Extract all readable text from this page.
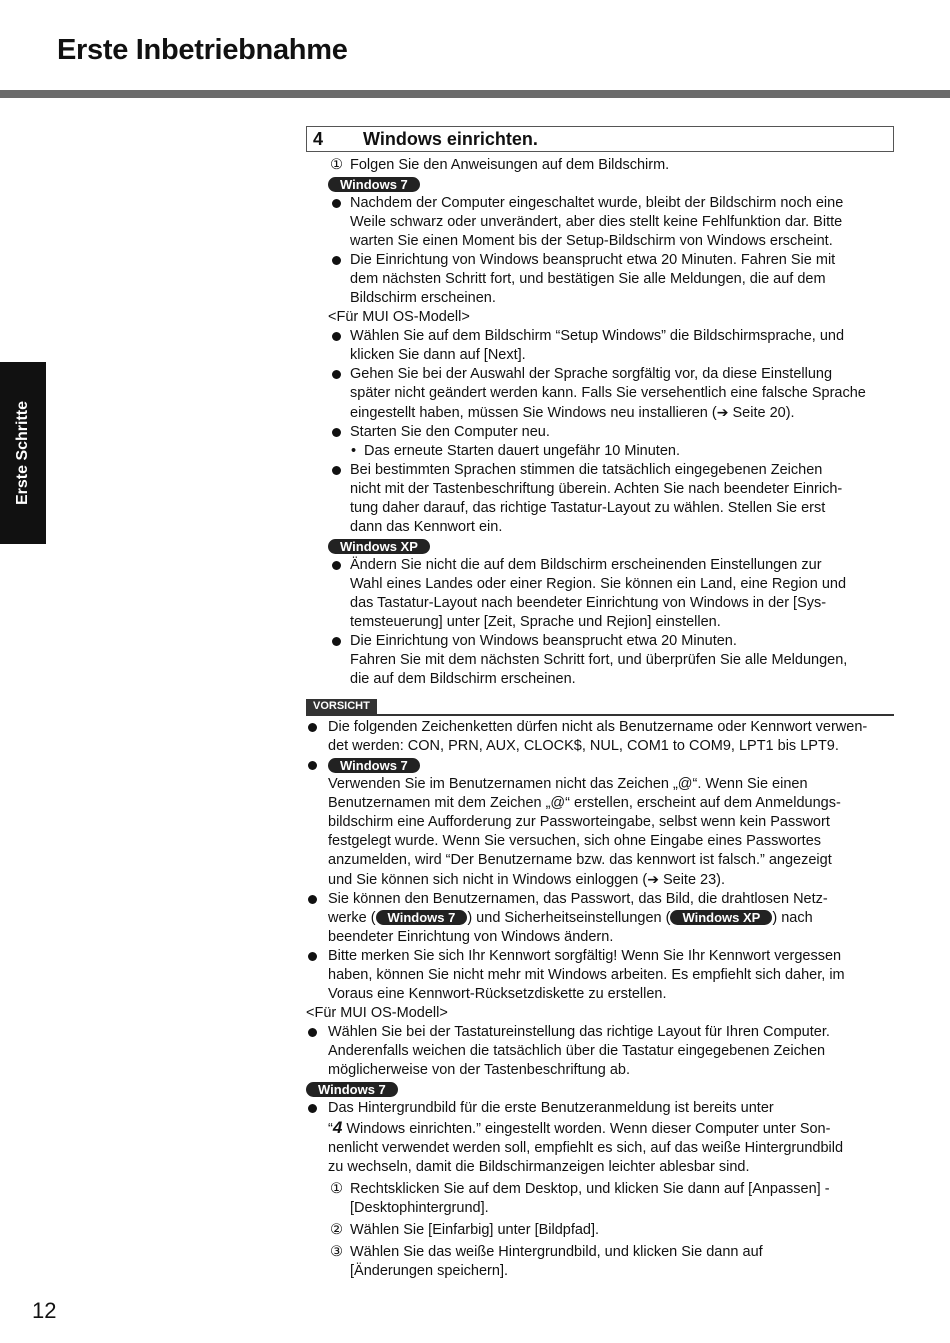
Erste Inbetriebnahme
Erste Schritte
12
4	Windows einrichten.
① Folgen Sie den Anweisungen auf dem Bildschirm.
Windows 7
Nachdem der Computer eingeschaltet wurde, bleibt der Bildschirm noch eine
Weile schwarz oder unverändert, aber dies stellt keine Fehlfunktion dar. Bitte
warten Sie einen Moment bis der Setup-Bildschirm von Windows erscheint.
Die Einrichtung von Windows beansprucht etwa 20 Minuten. Fahren Sie mit
dem nächsten Schritt fort, und bestätigen Sie alle Meldungen, die auf dem
Bildschirm erscheinen.
<Für MUI OS-Modell>
Wählen Sie auf dem Bildschirm “Setup Windows” die Bildschirmsprache, und
klicken Sie dann auf [Next].
Gehen Sie bei der Auswahl der Sprache sorgfältig vor, da diese Einstellung
später nicht geändert werden kann. Falls Sie versehentlich eine falsche Sprache
eingestellt haben, müssen Sie Windows neu installieren (➔ Seite 20).
Starten Sie den Computer neu.
• Das erneute Starten dauert ungefähr 10 Minuten.
Bei bestimmten Sprachen stimmen die tatsächlich eingegebenen Zeichen
nicht mit der Tastenbeschriftung überein. Achten Sie nach beendeter Einrich-
tung daher darauf, das richtige Tastatur-Layout zu wählen. Stellen Sie erst
dann das Kennwort ein.
Windows XP
Ändern Sie nicht die auf dem Bildschirm erscheinenden Einstellungen zur
Wahl eines Landes oder einer Region. Sie können ein Land, eine Region und
das Tastatur-Layout nach beendeter Einrichtung von Windows in der [Sys-
temsteuerung] unter [Zeit, Sprache und Rejion] einstellen.
Die Einrichtung von Windows beansprucht etwa 20 Minuten.
Fahren Sie mit dem nächsten Schritt fort, und überprüfen Sie alle Meldungen,
die auf dem Bildschirm erscheinen.
VORSICHT
Die folgenden Zeichenketten dürfen nicht als Benutzername oder Kennwort verwen-
det werden: CON, PRN, AUX, CLOCK$, NUL, COM1 to COM9, LPT1 bis LPT9.
Windows 7
Verwenden Sie im Benutzernamen nicht das Zeichen „@“. Wenn Sie einen
Benutzernamen mit dem Zeichen „@“ erstellen, erscheint auf dem Anmeldungs-
bildschirm eine Aufforderung zur Passworteingabe, selbst wenn kein Passwort
festgelegt wurde. Wenn Sie versuchen, sich ohne Eingabe eines Passwortes
anzumelden, wird “Der Benutzername bzw. das kennwort ist falsch.” angezeigt
und Sie können sich nicht in Windows einloggen (➔ Seite 23).
Sie können den Benutzernamen, das Passwort, das Bild, die drahtlosen Netz-
werke ( Windows 7 ) und Sicherheitseinstellungen ( Windows XP ) nach
beendeter Einrichtung von Windows ändern.
Bitte merken Sie sich Ihr Kennwort sorgfältig! Wenn Sie Ihr Kennwort vergessen
haben, können Sie nicht mehr mit Windows arbeiten. Es empfiehlt sich daher, im
Voraus eine Kennwort-Rücksetzdiskette zu erstellen.
<Für MUI OS-Modell>
Wählen Sie bei der Tastatureinstellung das richtige Layout für Ihren Computer.
Anderenfalls weichen die tatsächlich über die Tastatur eingegebenen Zeichen
möglicherweise von der Tastenbeschriftung ab.
Windows 7
Das Hintergrundbild für die erste Benutzeranmeldung ist bereits unter
“4 Windows einrichten.” eingestellt worden. Wenn dieser Computer unter Son-
nenlicht verwendet werden soll, empfiehlt es sich, auf das weiße Hintergrundbild
zu wechseln, damit die Bildschirmanzeigen leichter ablesbar sind.
① Rechtsklicken Sie auf dem Desktop, und klicken Sie dann auf [Anpassen] -
[Desktophintergrund].
② Wählen Sie [Einfarbig] unter [Bildpfad].
③ Wählen Sie das weiße Hintergrundbild, und klicken Sie dann auf
[Änderungen speichern].
